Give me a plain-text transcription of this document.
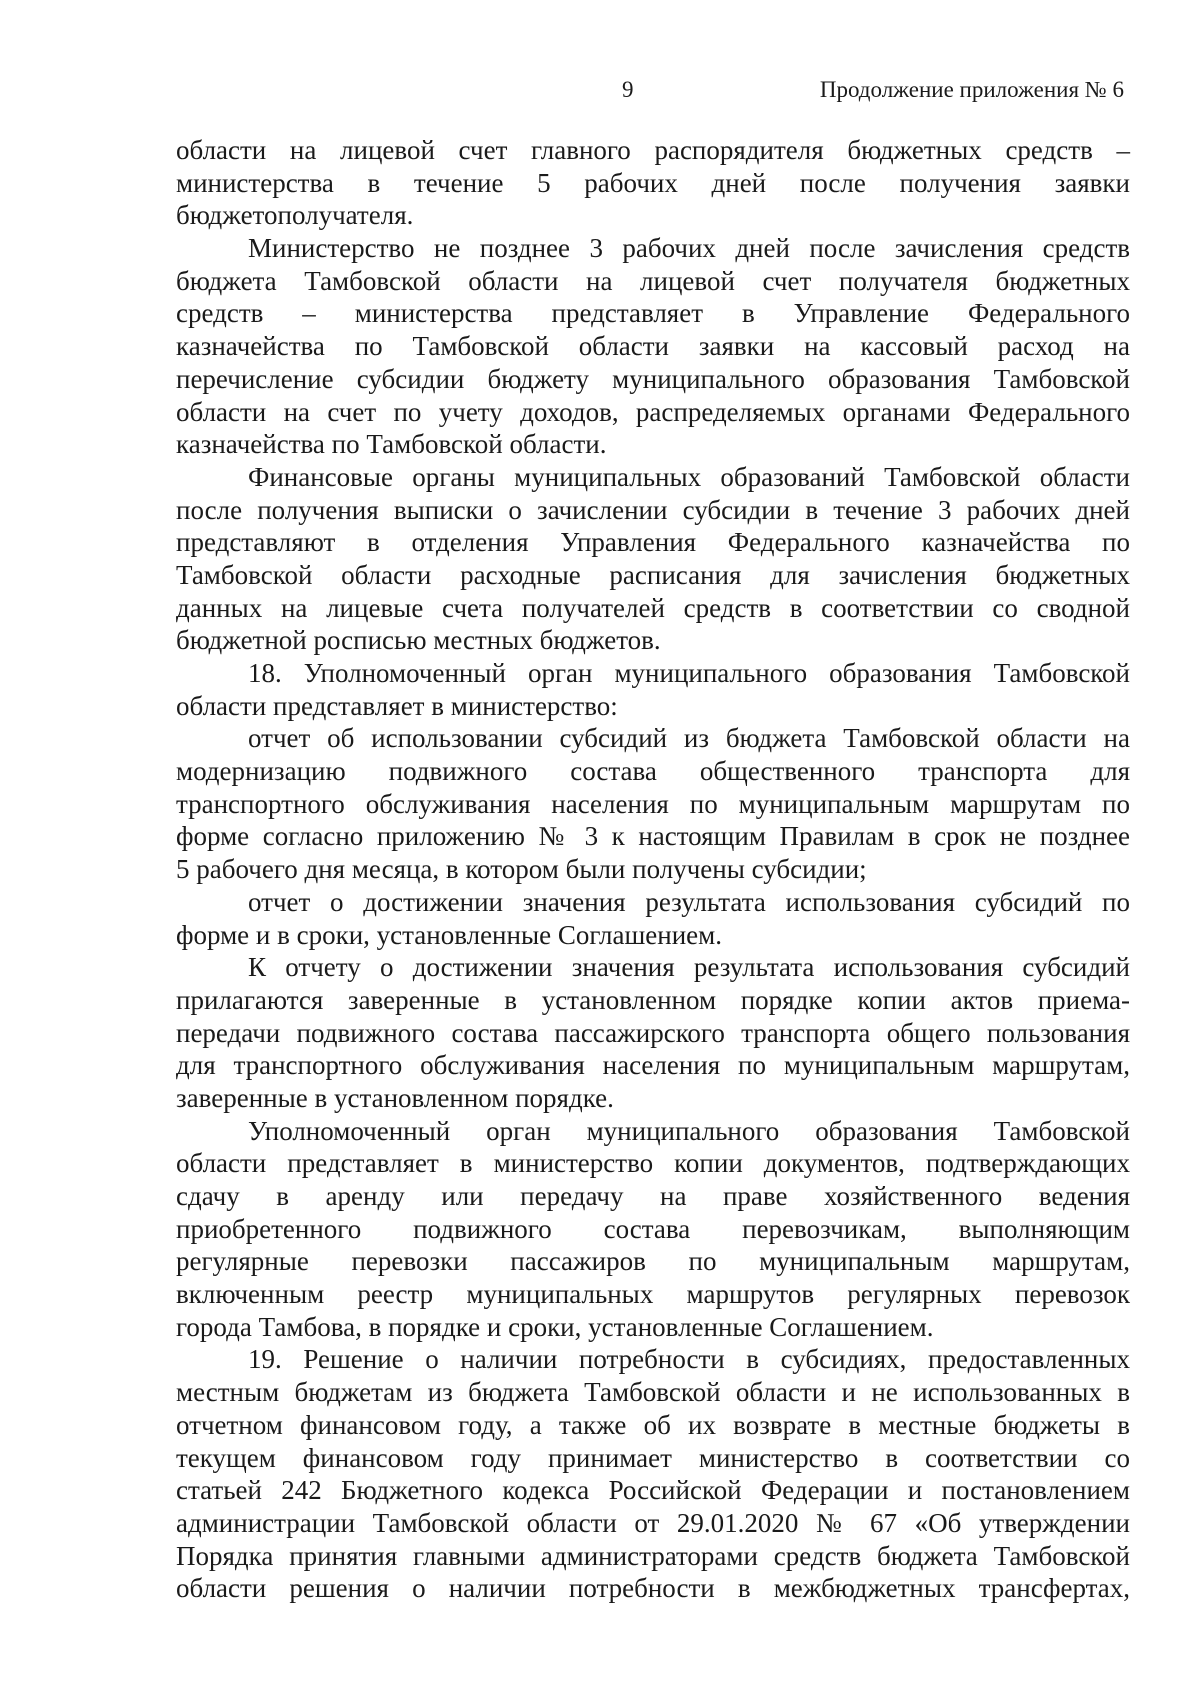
9	Продолжение приложения № 6
области на лицевой счет главного распорядителя бюджетных средств –
министерства в течение 5 рабочих дней после получения заявки
бюджетополучателя.
Министерство не позднее 3 рабочих дней после зачисления средств
бюджета Тамбовской области на лицевой счет получателя бюджетных
средств – министерства представляет в Управление Федерального
казначейства по Тамбовской области заявки на кассовый расход на
перечисление субсидии бюджету муниципального образования Тамбовской
области на счет по учету доходов, распределяемых органами Федерального
казначейства по Тамбовской области.
Финансовые органы муниципальных образований Тамбовской области
после получения выписки о зачислении субсидии в течение 3 рабочих дней
представляют в отделения Управления Федерального казначейства по
Тамбовской области расходные расписания для зачисления бюджетных
данных на лицевые счета получателей средств в соответствии со сводной
бюджетной росписью местных бюджетов.
18. Уполномоченный орган муниципального образования Тамбовской
области представляет в министерство:
отчет об использовании субсидий из бюджета Тамбовской области на
модернизацию подвижного состава общественного транспорта для
транспортного обслуживания населения по муниципальным маршрутам по
форме согласно приложению № 3 к настоящим Правилам в срок не позднее
5 рабочего дня месяца, в котором были получены субсидии;
отчет о достижении значения результата использования субсидий по
форме и в сроки, установленные Соглашением.
К отчету о достижении значения результата использования субсидий
прилагаются заверенные в установленном порядке копии актов приема-
передачи подвижного состава пассажирского транспорта общего пользования
для транспортного обслуживания населения по муниципальным маршрутам,
заверенные в установленном порядке.
Уполномоченный орган муниципального образования Тамбовской
области представляет в министерство копии документов, подтверждающих
сдачу в аренду или передачу на праве хозяйственного ведения
приобретенного подвижного состава перевозчикам, выполняющим
регулярные перевозки пассажиров по муниципальным маршрутам,
включенным реестр муниципальных маршрутов регулярных перевозок
города Тамбова, в порядке и сроки, установленные Соглашением.
19. Решение о наличии потребности в субсидиях, предоставленных
местным бюджетам из бюджета Тамбовской области и не использованных в
отчетном финансовом году, а также об их возврате в местные бюджеты в
текущем финансовом году принимает министерство в соответствии со
статьей 242 Бюджетного кодекса Российской Федерации и постановлением
администрации Тамбовской области от 29.01.2020 № 67 «Об утверждении
Порядка принятия главными администраторами средств бюджета Тамбовской
области решения о наличии потребности в межбюджетных трансфертах,
